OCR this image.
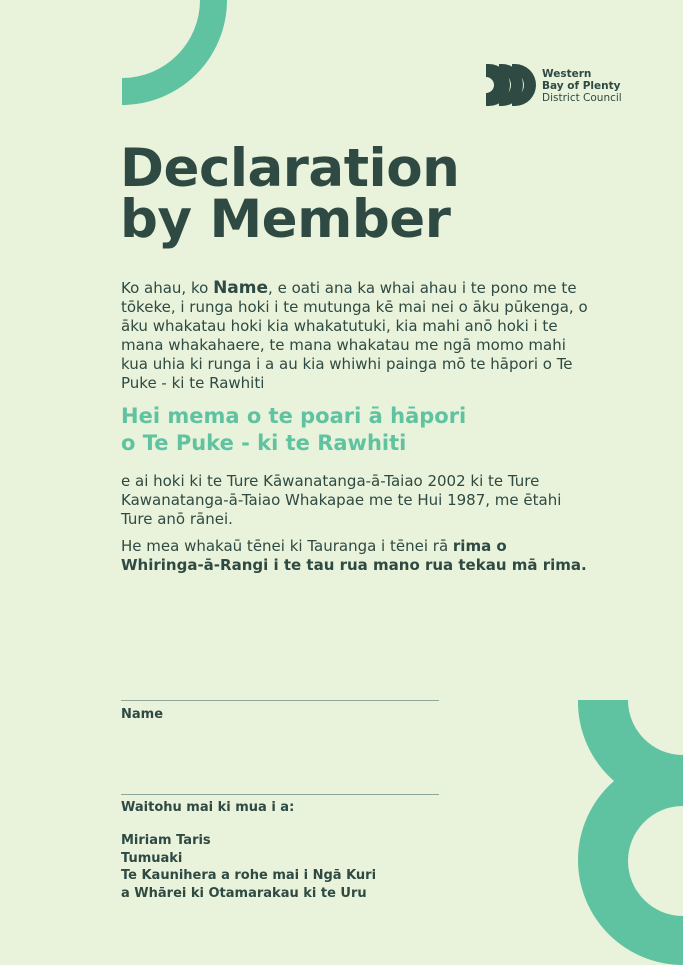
Western
Bay of Plenty
District Council
Declaration
by Member

Ko ahau, ko Name, e oati ana ka whai ahau i te pono me te tōkeke, i runga hoki i te mutunga kē mai nei o āku pūkenga, o āku whakatau hoki kia whakatutuki, kia mahi anō hoki i te mana whakahaere, te mana whakatau me ngā momo mahi kua uhia ki runga i a au kia whiwhi painga mō te hāpori o Te Puke - ki te Rawhiti

Hei mema o te poari ā hāpori
o Te Puke - ki te Rawhiti

e ai hoki ki te Ture Kāwanatanga-ā-Taiao 2002 ki te Ture Kawanatanga-ā-Taiao Whakapae me te Hui 1987, me ētahi Ture anō rānei.

He mea whakaū tēnei ki Tauranga i tēnei rā rima o Whiringa-ā-Rangi i te tau rua mano rua tekau mā rima.

Name
Waitohu mai ki mua i a:
Miriam Taris
Tumuaki
Te Kaunihera a rohe mai i Ngā Kuri
a Whārei ki Otamarakau ki te Uru
